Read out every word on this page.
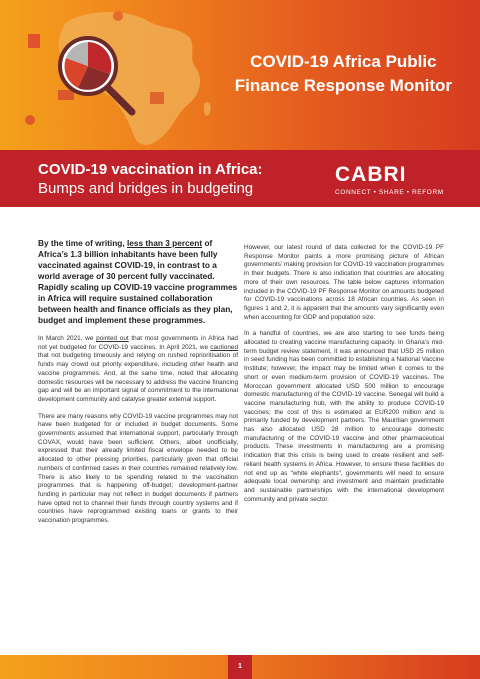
COVID-19 Africa Public
Finance Response Monitor
COVID-19 vaccination in Africa:
Bumps and bridges in budgeting
CABRI
CONNECT • SHARE • REFORM
By the time of writing, less than 3 percent of Africa’s 1.3 billion inhabitants have been fully vaccinated against COVID-19, in contrast to a world average of 30 percent fully vaccinated. Rapidly scaling up COVID-19 vaccine programmes in Africa will require sustained collaboration between health and finance officials as they plan, budget and implement these programmes.

In March 2021, we pointed out that most governments in Africa had not yet budgeted for COVID-19 vaccines. In April 2021, we cautioned that not budgeting timeously and relying on rushed reprioritisation of funds may crowd out priority expenditure, including other health and vaccine programmes. And, at the same time, noted that allocating domestic resources will be necessary to address the vaccine financing gap and will be an important signal of commitment to the international development community and catalyse greater external support.

There are many reasons why COVID-19 vaccine programmes may not have been budgeted for or included in budget documents. Some governments assumed that international support, particularly through COVAX, would have been sufficient. Others, albeit unofficially, expressed that their already limited fiscal envelope needed to be allocated to other pressing priorities, particularly given that official numbers of confirmed cases in their countries remained relatively low. There is also likely to be spending related to the vaccination programmes that is happening off-budget; development-partner funding in particular may not reflect in budget documents if partners have opted not to channel their funds through country systems and if countries have reprogrammed existing loans or grants to their vaccination programmes.

However, our latest round of data collected for the COVID-19 PF Response Monitor paints a more promising picture of African governments’ making provision for COVID-19 vaccination programmes in their budgets. There is also indication that countries are allocating more of their own resources. The table below captures information included in the COVID-19 PF Response Monitor on amounts budgeted for COVID-19 vaccinations across 18 African countries. As seen in figures 1 and 2, it is apparent that the amounts vary significantly even when accounting for GDP and population size.

In a handful of countries, we are also starting to see funds being allocated to creating vaccine manufacturing capacity. In Ghana’s mid-term budget review statement, it was announced that USD 25 million in seed funding has been committed to establishing a National Vaccine Institute; however, the impact may be limited when it comes to the short or even medium-term provision of COVID-19 vaccines. The Moroccan government allocated USD 500 million to encourage domestic manufacturing of the COVID-19 vaccine. Senegal will build a vaccine manufacturing hub, with the ability to produce COVID-19 vaccines; the cost of this is estimated at EUR200 million and is primarily funded by development partners. The Mauritian government has also allocated USD 28 million to encourage domestic manufacturing of the COVID-19 vaccine and other pharmaceutical products. These investments in manufacturing are a promising indication that this crisis is being used to create resilient and self-reliant health systems in Africa. However, to ensure these facilities do not end up as “white elephants”, governments will need to ensure adequate local ownership and investment and maintain predictable and sustainable partnerships with the international development community and private sector.

1
